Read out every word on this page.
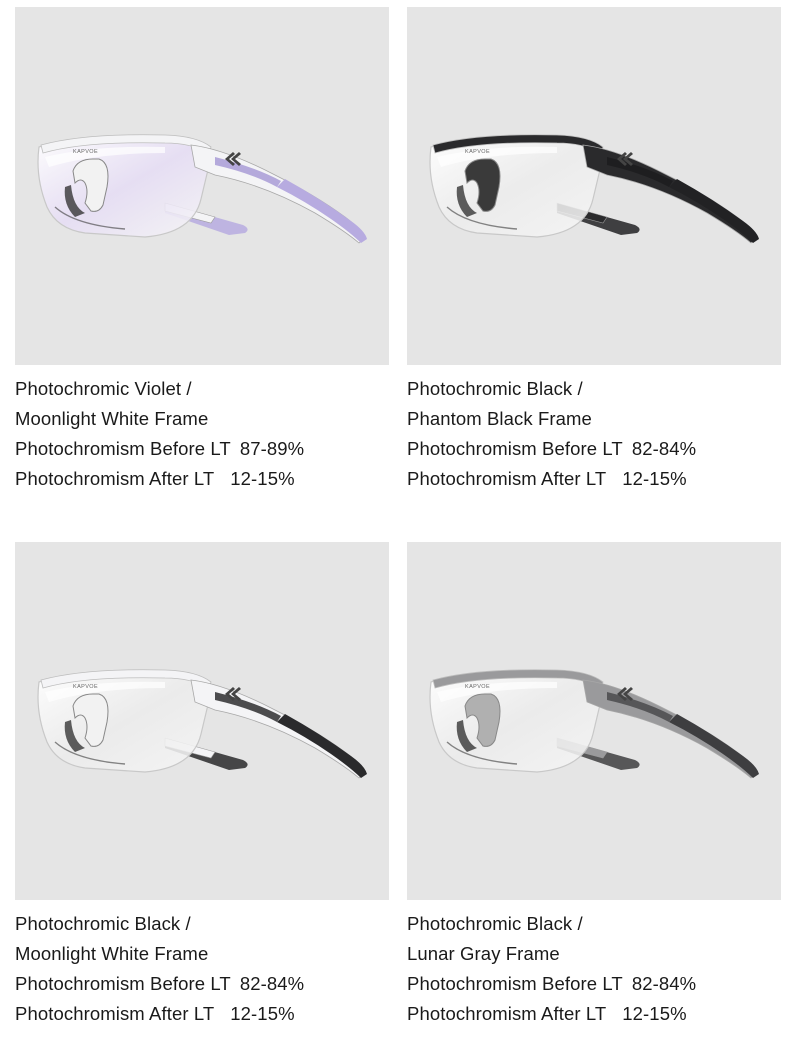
KAPVOE
Photochromic Violet /
Moonlight White Frame
Photochromism Before LT 87-89%
Photochromism After LT 12-15%
KAPVOE
Photochromic Black /
Phantom Black Frame
Photochromism Before LT 82-84%
Photochromism After LT 12-15%
KAPVOE
Photochromic Black /
Moonlight White Frame
Photochromism Before LT 82-84%
Photochromism After LT 12-15%
KAPVOE
Photochromic Black /
Lunar Gray Frame
Photochromism Before LT 82-84%
Photochromism After LT 12-15%
